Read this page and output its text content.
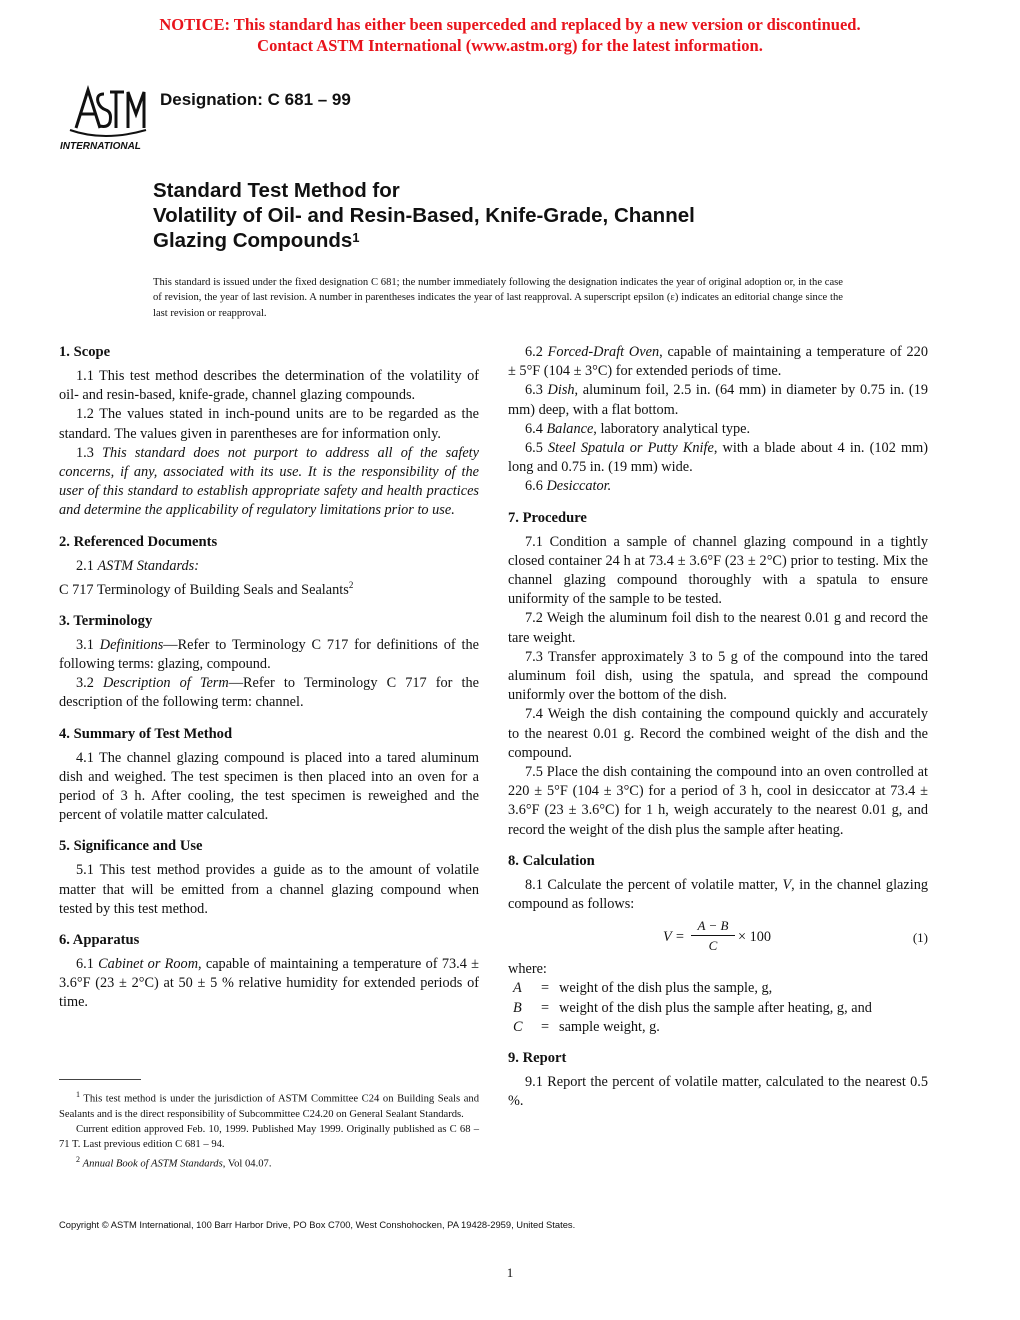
NOTICE: This standard has either been superceded and replaced by a new version or discontinued.
Contact ASTM International (www.astm.org) for the latest information.
INTERNATIONAL
Designation: C 681 – 99
Standard Test Method for
Volatility of Oil- and Resin-Based, Knife-Grade, Channel
Glazing Compounds$^1$
This standard is issued under the fixed designation C 681; the number immediately following the designation indicates the year of original adoption or, in the case of revision, the year of last revision. A number in parentheses indicates the year of last reapproval. A superscript epsilon (ε) indicates an editorial change since the last revision or reapproval.
1. Scope

1.1 This test method describes the determination of the volatility of oil- and resin-based, knife-grade, channel glazing compounds.

1.2 The values stated in inch-pound units are to be regarded as the standard. The values given in parentheses are for information only.

1.3 This standard does not purport to address all of the safety concerns, if any, associated with its use. It is the responsibility of the user of this standard to establish appropriate safety and health practices and determine the applicability of regulatory limitations prior to use.

2. Referenced Documents

2.1 ASTM Standards:

C 717 Terminology of Building Seals and Sealants$^2$

3. Terminology

3.1 Definitions—Refer to Terminology C 717 for definitions of the following terms: glazing, compound.

3.2 Description of Term—Refer to Terminology C 717 for the description of the following term: channel.

4. Summary of Test Method

4.1 The channel glazing compound is placed into a tared aluminum dish and weighed. The test specimen is then placed into an oven for a period of 3 h. After cooling, the test specimen is reweighed and the percent of volatile matter calculated.

5. Significance and Use

5.1 This test method provides a guide as to the amount of volatile matter that will be emitted from a channel glazing compound when tested by this test method.

6. Apparatus

6.1 Cabinet or Room, capable of maintaining a temperature of 73.4 ± 3.6°F (23 ± 2°C) at 50 ± 5 % relative humidity for extended periods of time.

$^1$ This test method is under the jurisdiction of ASTM Committee C24 on Building Seals and Sealants and is the direct responsibility of Subcommittee C24.20 on General Sealant Standards.

Current edition approved Feb. 10, 1999. Published May 1999. Originally published as C 68 – 71 T. Last previous edition C 681 – 94.

$^2$ Annual Book of ASTM Standards, Vol 04.07.

6.2 Forced-Draft Oven, capable of maintaining a temperature of 220 ± 5°F (104 ± 3°C) for extended periods of time.

6.3 Dish, aluminum foil, 2.5 in. (64 mm) in diameter by 0.75 in. (19 mm) deep, with a flat bottom.

6.4 Balance, laboratory analytical type.

6.5 Steel Spatula or Putty Knife, with a blade about 4 in. (102 mm) long and 0.75 in. (19 mm) wide.

6.6 Desiccator.

7. Procedure

7.1 Condition a sample of channel glazing compound in a tightly closed container 24 h at 73.4 ± 3.6°F (23 ± 2°C) prior to testing. Mix the channel glazing compound thoroughly with a spatula to ensure uniformity of the sample to be tested.

7.2 Weigh the aluminum foil dish to the nearest 0.01 g and record the tare weight.

7.3 Transfer approximately 3 to 5 g of the compound into the tared aluminum foil dish, using the spatula, and spread the compound uniformly over the bottom of the dish.

7.4 Weigh the dish containing the compound quickly and accurately to the nearest 0.01 g. Record the combined weight of the dish and the compound.

7.5 Place the dish containing the compound into an oven controlled at 220 ± 5°F (104 ± 3°C) for a period of 3 h, cool in desiccator at 73.4 ± 3.6°F (23 ± 3.6°C) for 1 h, weigh accurately to the nearest 0.01 g, and record the weight of the dish plus the sample after heating.

8. Calculation

8.1 Calculate the percent of volatile matter, V, in the channel glazing compound as follows:

V =
A − B
C
× 100	(1)

where:

A	= weight of the dish plus the sample, g,
B	= weight of the dish plus the sample after heating, g, and
C	= sample weight, g.
9. Report

9.1 Report the percent of volatile matter, calculated to the nearest 0.5 %.

Copyright © ASTM International, 100 Barr Harbor Drive, PO Box C700, West Conshohocken, PA 19428-2959, United States.
1
